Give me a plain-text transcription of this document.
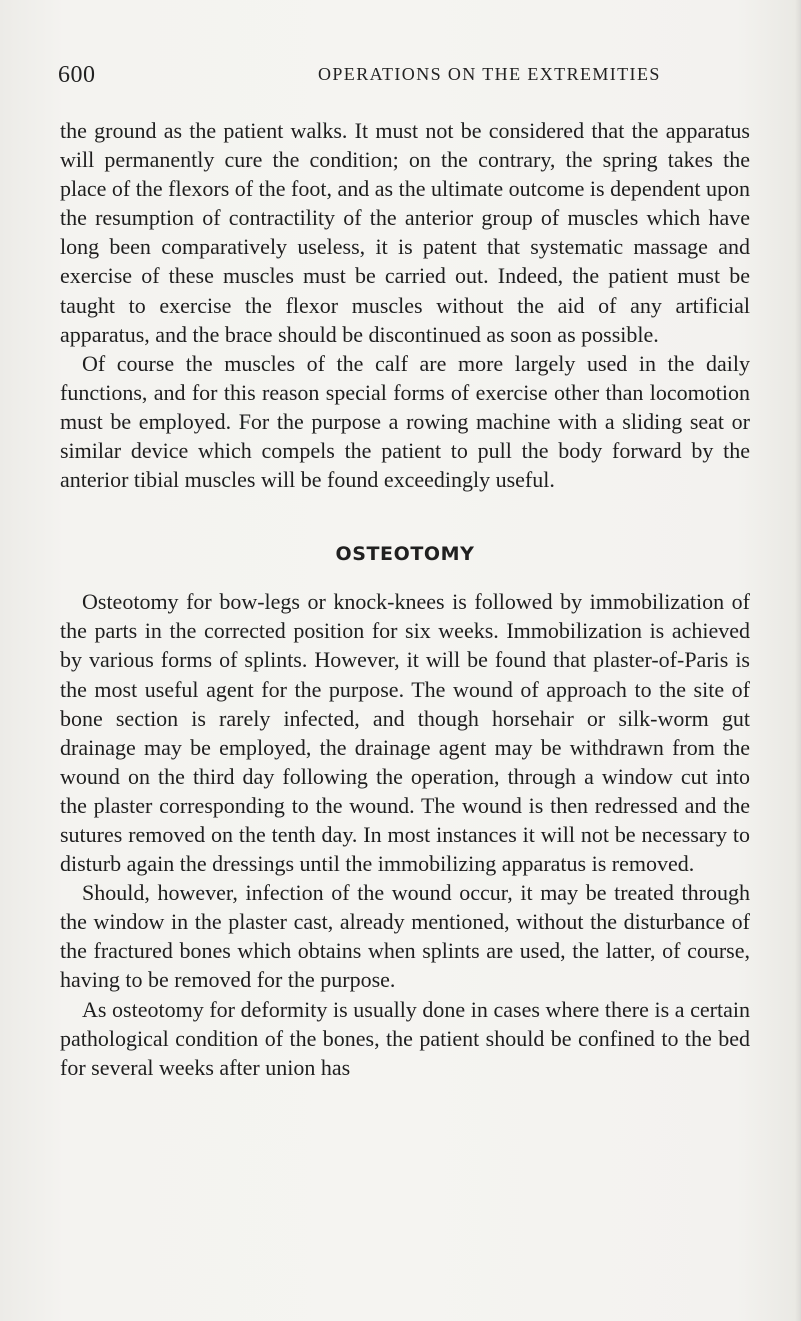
600	OPERATIONS ON THE EXTREMITIES

the ground as the patient walks. It must not be considered that the apparatus will permanently cure the condition; on the contrary, the spring takes the place of the flexors of the foot, and as the ultimate outcome is dependent upon the resumption of contractility of the anterior group of muscles which have long been comparatively useless, it is patent that systematic massage and exercise of these muscles must be carried out. Indeed, the patient must be taught to exercise the flexor muscles without the aid of any artificial apparatus, and the brace should be discontinued as soon as possible.

Of course the muscles of the calf are more largely used in the daily functions, and for this reason special forms of exercise other than locomotion must be employed. For the purpose a rowing machine with a sliding seat or similar device which compels the patient to pull the body forward by the anterior tibial muscles will be found exceedingly useful.

OSTEOTOMY

Osteotomy for bow-legs or knock-knees is followed by immobilization of the parts in the corrected position for six weeks. Immobilization is achieved by various forms of splints. However, it will be found that plaster-of-Paris is the most useful agent for the purpose. The wound of approach to the site of bone section is rarely infected, and though horsehair or silk-worm gut drainage may be employed, the drainage agent may be withdrawn from the wound on the third day following the operation, through a window cut into the plaster corresponding to the wound. The wound is then redressed and the sutures removed on the tenth day. In most instances it will not be necessary to disturb again the dressings until the immobilizing apparatus is removed.

Should, however, infection of the wound occur, it may be treated through the window in the plaster cast, already mentioned, without the disturbance of the fractured bones which obtains when splints are used, the latter, of course, having to be removed for the purpose.

As osteotomy for deformity is usually done in cases where there is a certain pathological condition of the bones, the patient should be confined to the bed for several weeks after union has
